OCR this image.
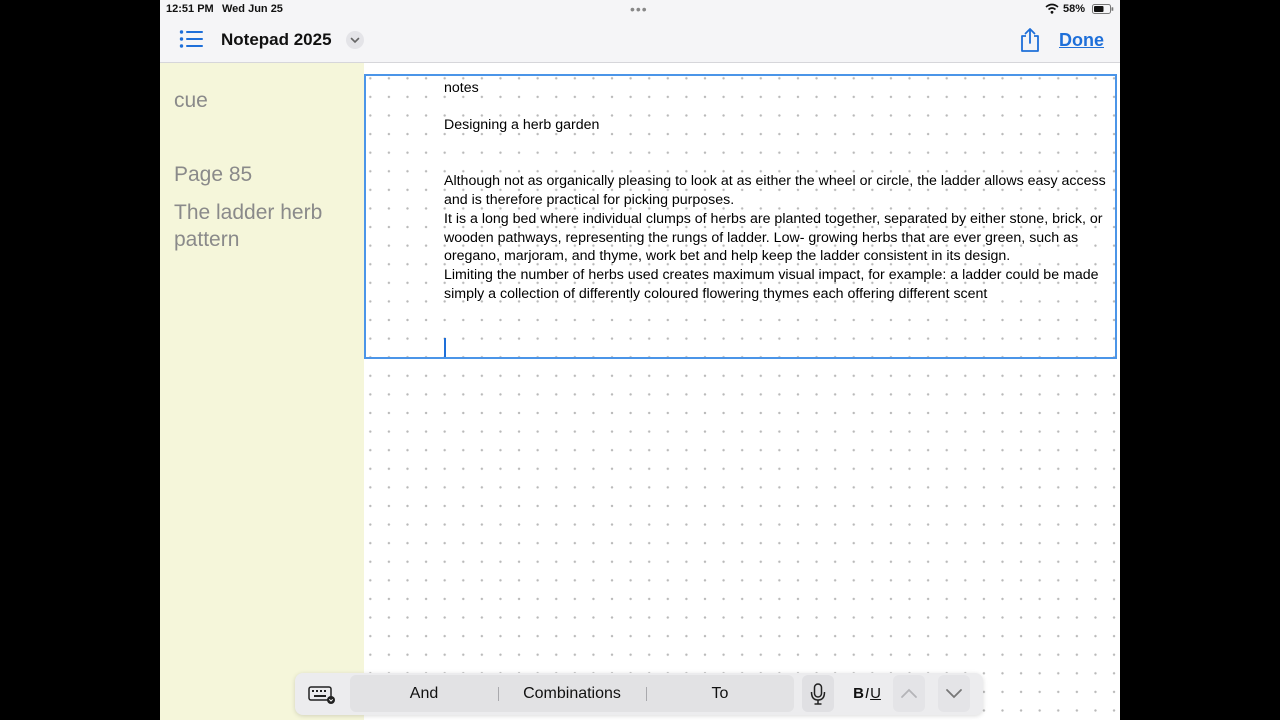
12:51 PM Wed Jun 25	•••	58%
Notepad 2025	Done
cue
Page 85
The ladder herb pattern

notes

Designing a herb garden

Although not as organically pleasing to look at as either the wheel or circle, the ladder allows easy access and is therefore practical for picking purposes.

It is a long bed where individual clumps of herbs are planted together, separated by either stone, brick, or wooden pathways, representing the rungs of ladder. Low- growing herbs that are ever green, such as oregano, marjoram, and thyme, work bet and help keep the ladder consistent in its design.

Limiting the number of herbs used creates maximum visual impact, for example: a ladder could be made simply a collection of differently coloured flowering thymes each offering different scent

And	Combinations	To	BIU
